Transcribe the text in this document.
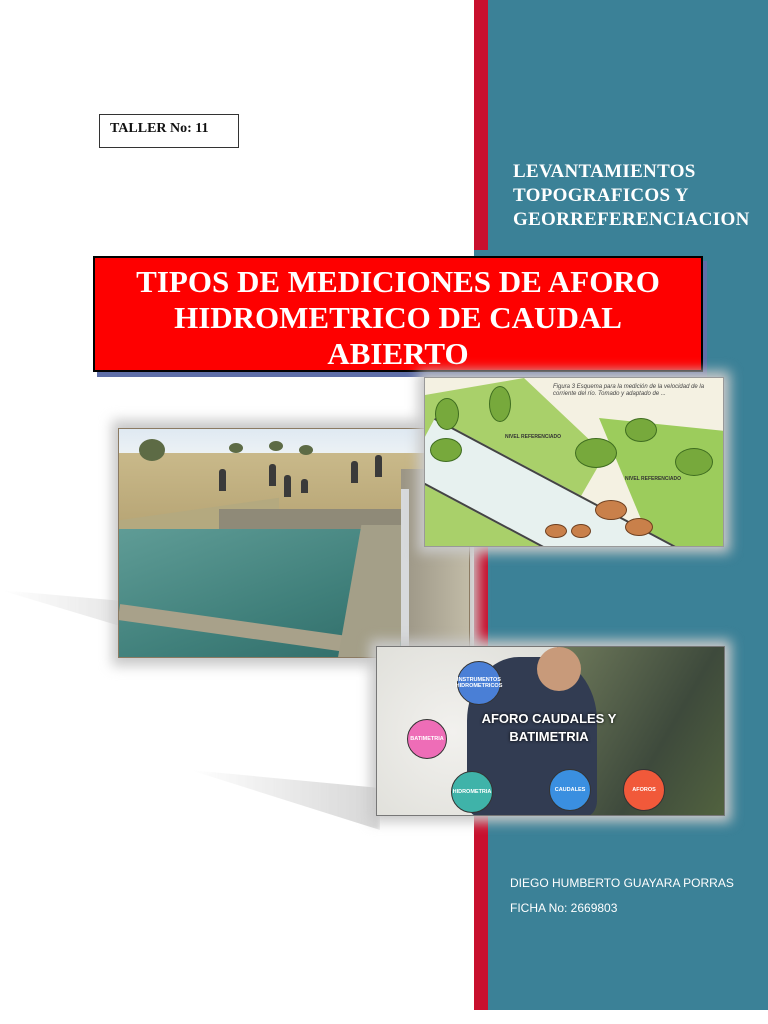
TALLER No: 11
LEVANTAMIENTOS
TOPOGRAFICOS Y
GEORREFERENCIACION
TIPOS DE MEDICIONES DE AFORO
HIDROMETRICO DE CAUDAL
ABIERTO
Figura 3 Esquema para la medición de la velocidad de la corriente del río. Tomado y adaptado de ...
NIVEL REFERENCIADO
NIVEL REFERENCIADO
INSTRUMENTOS HIDROMETRICOS
BATIMETRIA
HIDROMETRIA	CAUDALES	AFOROS
AFORO CAUDALES Y
BATIMETRIA
DIEGO HUMBERTO GUAYARA PORRAS
FICHA No: 2669803
